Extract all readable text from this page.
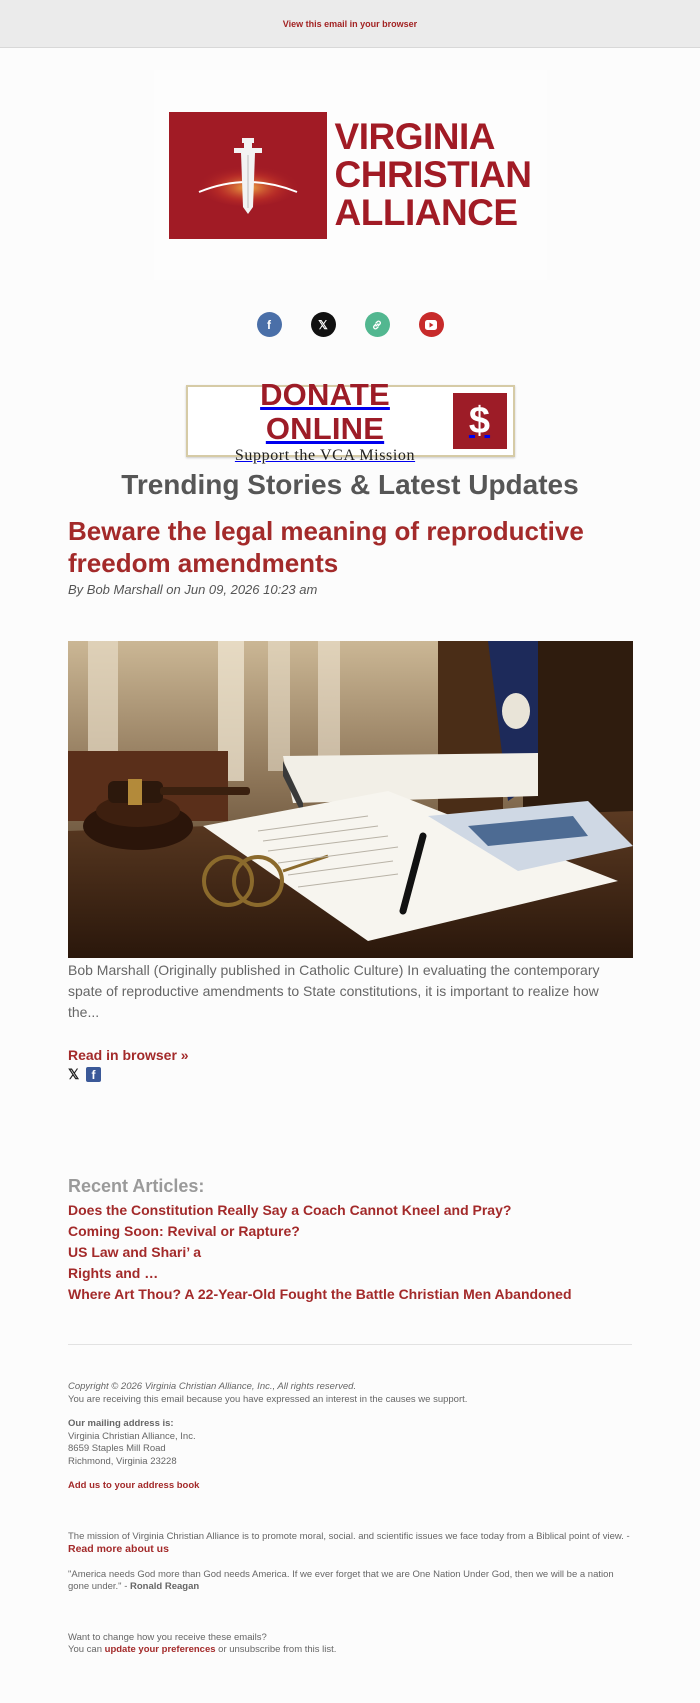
View this email in your browser
VIRGINIA
CHRISTIAN
ALLIANCE
f	𝕏
DONATE ONLINE
Support the VCA Mission
$
Trending Stories & Latest Updates
Beware the legal meaning of reproductive freedom amendments
By Bob Marshall on Jun 09, 2026 10:23 am
Bob Marshall (Originally published in Catholic Culture) In evaluating the contemporary spate of reproductive amendments to State constitutions, it is important to realize how the...
Read in browser »
𝕏	f
Recent Articles:
Does the Constitution Really Say a Coach Cannot Kneel and Pray?
Coming Soon: Revival or Rapture?
US Law and Shari’ a
Rights and …
Where Art Thou? A 22-Year-Old Fought the Battle Christian Men Abandoned
Copyright © 2026 Virginia Christian Alliance, Inc., All rights reserved.
You are receiving this email because you have expressed an interest in the causes we support.
Our mailing address is:
Virginia Christian Alliance, Inc.
8659 Staples Mill Road
Richmond, Virginia 23228
Add us to your address book
The mission of Virginia Christian Alliance is to promote moral, social. and scientific issues we face today from a Biblical point of view. - Read more about us
"America needs God more than God needs America. If we ever forget that we are One Nation Under God, then we will be a nation gone under." - Ronald Reagan
Want to change how you receive these emails?
You can update your preferences or unsubscribe from this list.
